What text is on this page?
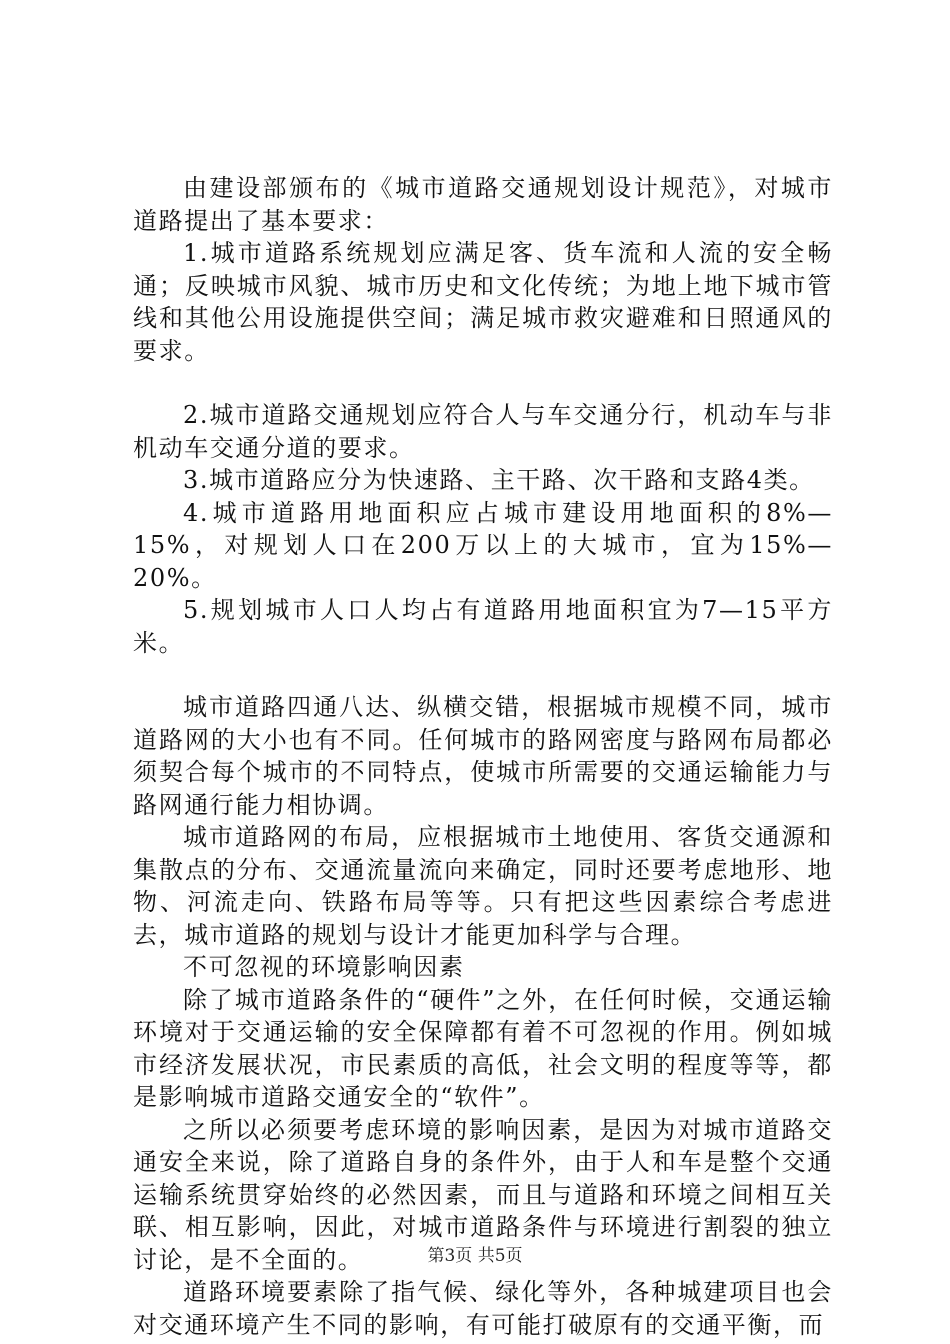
由建设部颁布的《城市道路交通规划设计规范》，对城市道路提出了基本要求：

1.城市道路系统规划应满足客、货车流和人流的安全畅通；反映城市风貌、城市历史和文化传统；为地上地下城市管线和其他公用设施提供空间；满足城市救灾避难和日照通风的要求。

2.城市道路交通规划应符合人与车交通分行，机动车与非机动车交通分道的要求。

3.城市道路应分为快速路、主干路、次干路和支路4类。

4.城市道路用地面积应占城市建设用地面积的8%—15%，对规划人口在200万以上的大城市，宜为15%—20%。

5.规划城市人口人均占有道路用地面积宜为7—15平方米。

城市道路四通八达、纵横交错，根据城市规模不同，城市道路网的大小也有不同。任何城市的路网密度与路网布局都必须契合每个城市的不同特点，使城市所需要的交通运输能力与路网通行能力相协调。

城市道路网的布局，应根据城市土地使用、客货交通源和集散点的分布、交通流量流向来确定，同时还要考虑地形、地物、河流走向、铁路布局等等。只有把这些因素综合考虑进去，城市道路的规划与设计才能更加科学与合理。

不可忽视的环境影响因素

除了城市道路条件的“硬件”之外，在任何时候，交通运输环境对于交通运输的安全保障都有着不可忽视的作用。例如城市经济发展状况，市民素质的高低，社会文明的程度等等，都是影响城市道路交通安全的“软件”。

之所以必须要考虑环境的影响因素，是因为对城市道路交通安全来说，除了道路自身的条件外，由于人和车是整个交通运输系统贯穿始终的必然因素，而且与道路和环境之间相互关联、相互影响，因此，对城市道路条件与环境进行割裂的独立讨论，是不全面的。

道路环境要素除了指气候、绿化等外，各种城建项目也会对交通环境产生不同的影响，有可能打破原有的交通平衡，而

第3页 共5页
